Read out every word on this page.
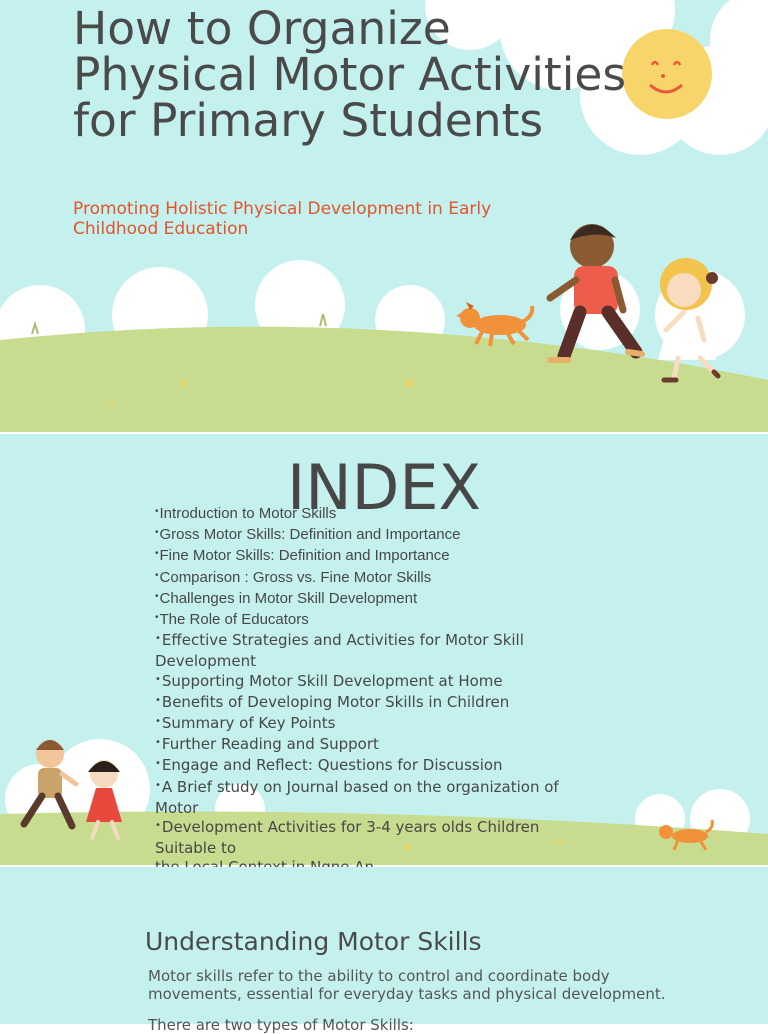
How to Organize Physical Motor Activities for Primary Students
Promoting Holistic Physical Development in Early Childhood Education
INDEX
•Introduction to Motor Skills
•Gross Motor Skills: Definition and Importance
•Fine Motor Skills: Definition and Importance
•Comparison : Gross vs. Fine Motor Skills
•Challenges in Motor Skill Development
•The Role of Educators
•Effective Strategies and Activities for Motor Skill Development
•Supporting Motor Skill Development at Home
•Benefits of Developing Motor Skills in Children
•Summary of Key Points
•Further Reading and Support
•Engage and Reflect: Questions for Discussion
•A Brief study on Journal based on the organization of Motor
•Development Activities for 3-4 years olds Children Suitable to
Understanding Motor Skills
Motor skills refer to the ability to control and coordinate body movements, essential for everyday tasks and physical development.
There are two types of Motor Skills:
